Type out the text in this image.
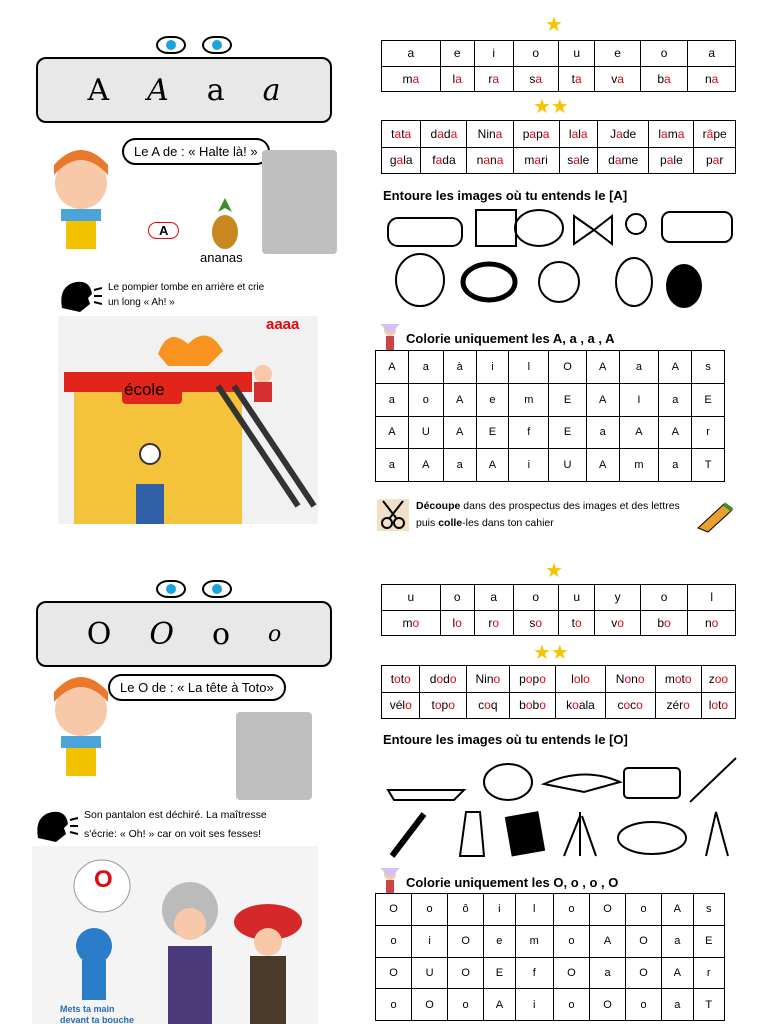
A A a a
Le A de : « Halte là! »
A
ananas
Le pompier tombe en arrière et crie un long « Ah! »
école
aaaa
★
a	e	i	o	u	e	o	a
ma	la	ra	sa	ta	va	ba	na
★★
tata	dada	Nina	papa	lala	Jade	lama	râpe
gala	fada	nana	mari	sale	dame	pale	par
Entoure les images où tu entends le [A]
Colorie uniquement les A, a , a , A
A	a	à	i	l	O	A	a	A	s
a	o	A	e	m	E	A	I	a	E
A	U	A	E	f	E	a	A	A	r
a	A	a	A	i	U	A	m	a	T
Découpe dans des prospectus des images et des lettres
puis colle-les dans ton cahier
O O o o
Le O de : « La tête à Toto»
Son pantalon est déchiré. La maîtresse s'écrie: « Oh! » car on voit ses fesses!
O
Mets ta main devant ta bouche
★
u	o	a	o	u	y	o	l
mo	lo	ro	so	to	vo	bo	no
★★
toto	dodo	Nino	popo	lolo	Nono	moto	zoo
vélo	topo	coq	bobo	koala	coco	zéro	loto
Entoure les images où tu entends le [O]
Colorie uniquement les O, o , o , O
O	o	ô	i	l	o	O	o	A	s
o	i	O	e	m	o	A	O	a	E
O	U	O	E	f	O	a	O	A	r
o	O	o	A	i	o	O	o	a	T
